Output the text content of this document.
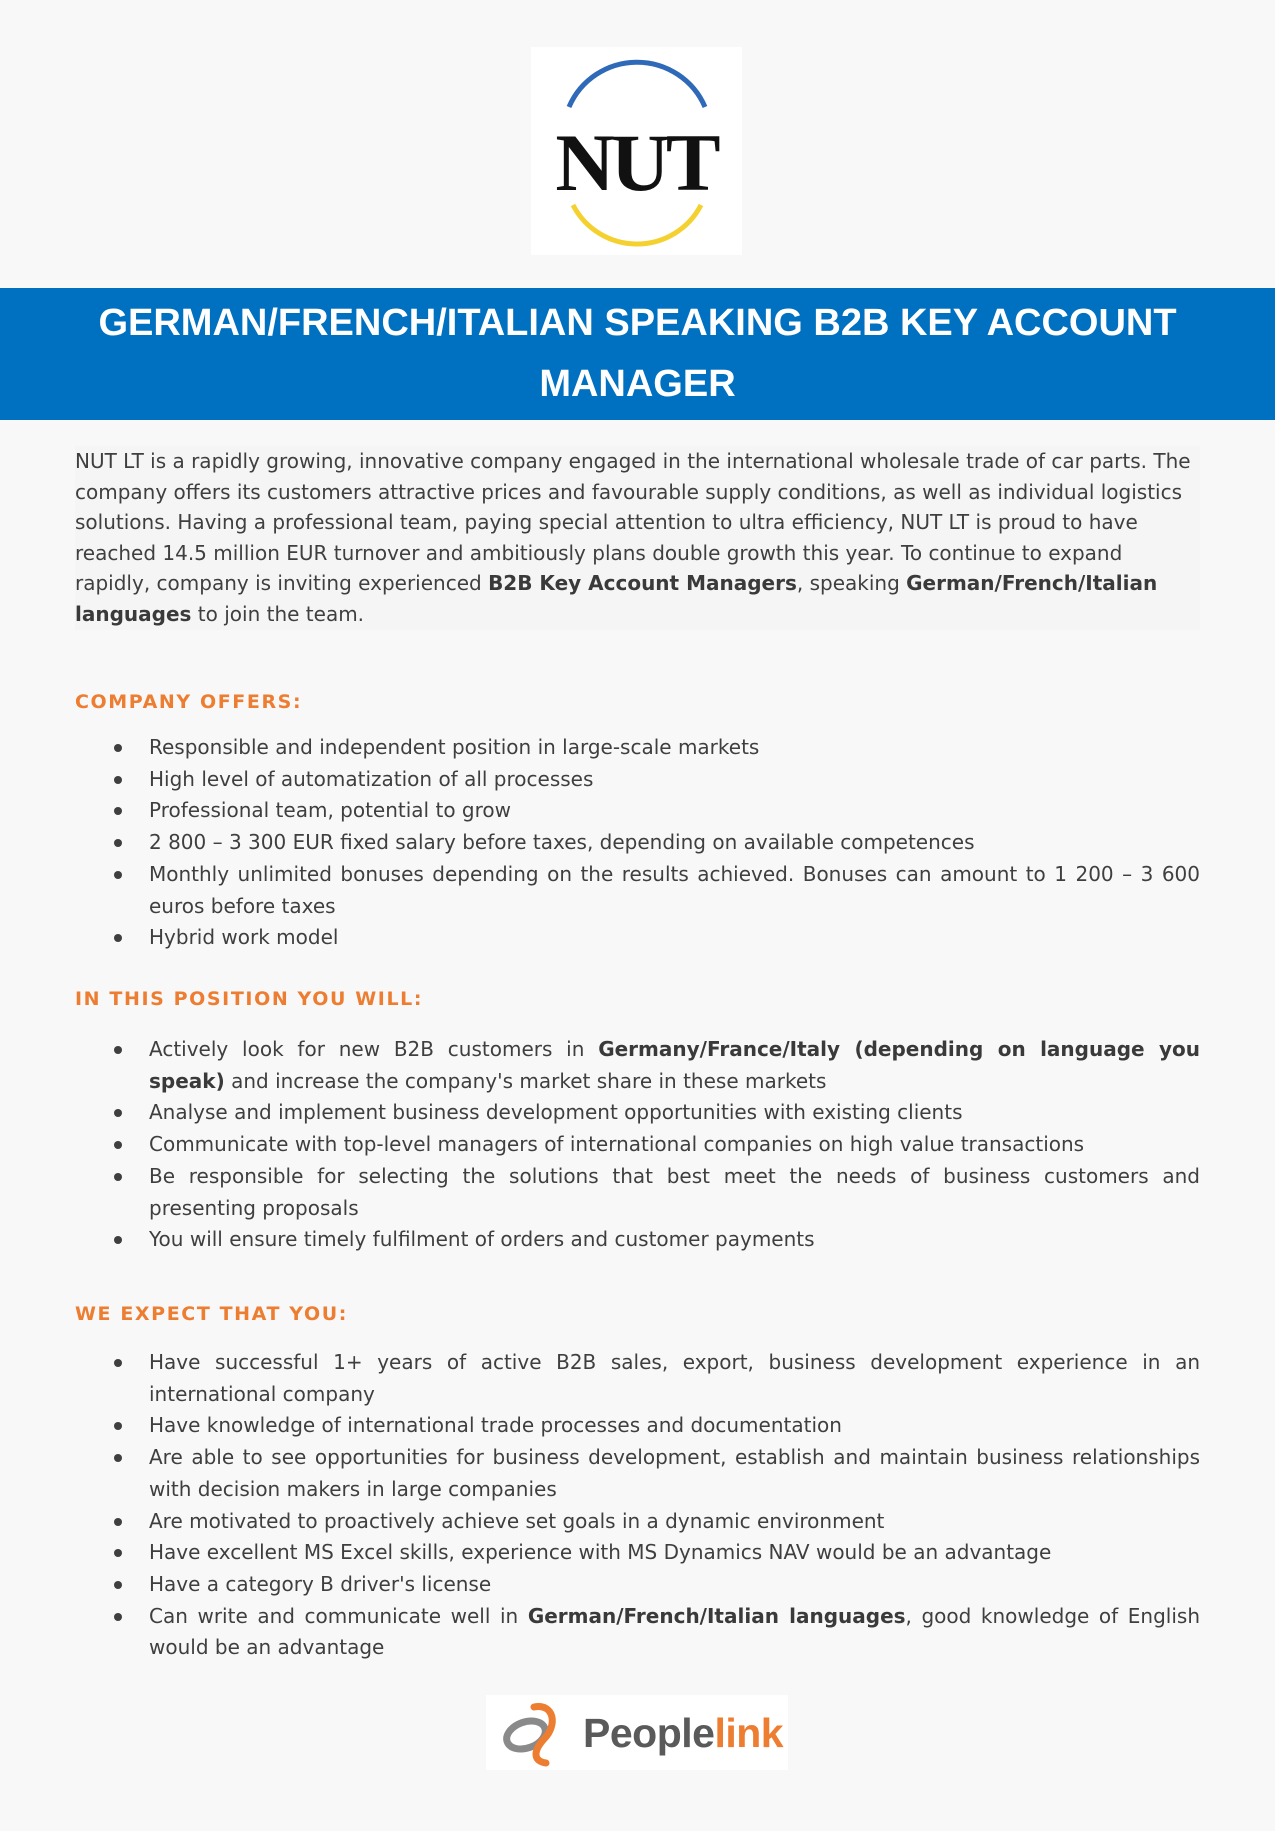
NUT
GERMAN/FRENCH/ITALIAN SPEAKING B2B KEY ACCOUNT MANAGER

NUT LT is a rapidly growing, innovative company engaged in the international wholesale trade of car parts. The company offers its customers attractive prices and favourable supply conditions, as well as individual logistics solutions. Having a professional team, paying special attention to ultra efficiency, NUT LT is proud to have reached 14.5 million EUR turnover and ambitiously plans double growth this year. To continue to expand rapidly, company is inviting experienced B2B Key Account Managers, speaking German/French/Italian languages to join the team.

COMPANY OFFERS:
Responsible and independent position in large-scale markets
High level of automatization of all processes
Professional team, potential to grow
2 800 – 3 300 EUR fixed salary before taxes, depending on available competences
Monthly unlimited bonuses depending on the results achieved. Bonuses can amount to 1 200 – 3 600 euros before taxes
Hybrid work model
IN THIS POSITION YOU WILL:
Actively look for new B2B customers in Germany/France/Italy (depending on language you speak) and increase the company's market share in these markets
Analyse and implement business development opportunities with existing clients
Communicate with top-level managers of international companies on high value transactions
Be responsible for selecting the solutions that best meet the needs of business customers and presenting proposals
You will ensure timely fulfilment of orders and customer payments
WE EXPECT THAT YOU:
Have successful 1+ years of active B2B sales, export, business development experience in an international company
Have knowledge of international trade processes and documentation
Are able to see opportunities for business development, establish and maintain business relationships with decision makers in large companies
Are motivated to proactively achieve set goals in a dynamic environment
Have excellent MS Excel skills, experience with MS Dynamics NAV would be an advantage
Have a category B driver's license
Can write and communicate well in German/French/Italian languages, good knowledge of English would be an advantage
Peoplelink
